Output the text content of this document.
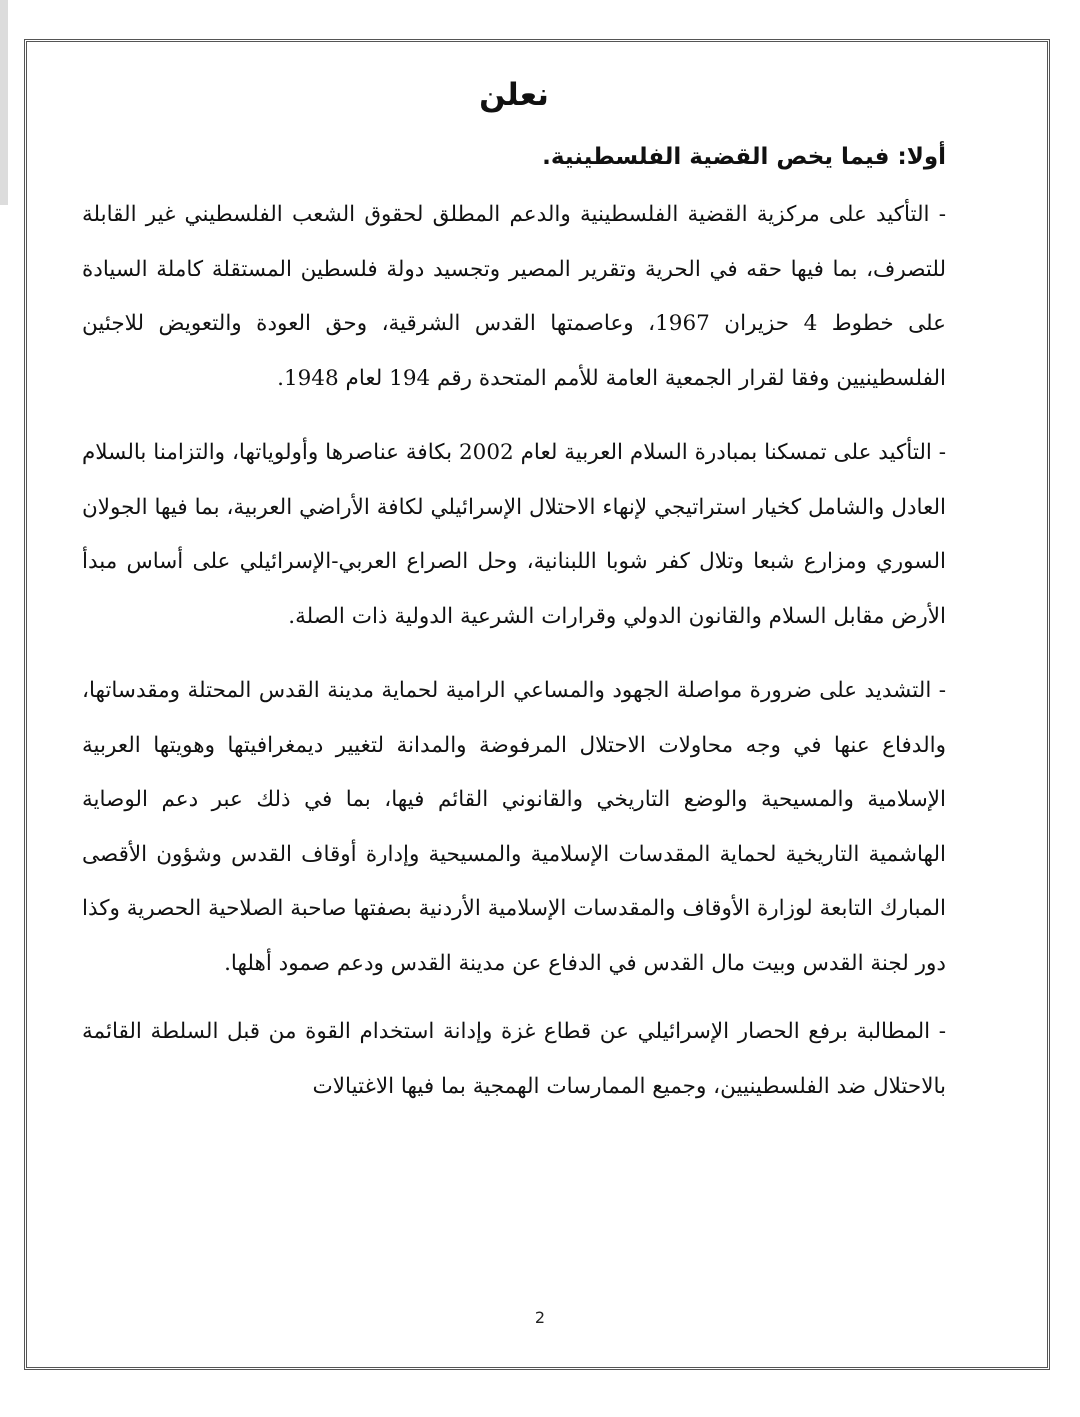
نعلن
أولا: فيما يخص القضية الفلسطينية.

- التأكيد على مركزية القضية الفلسطينية والدعم المطلق لحقوق الشعب الفلسطيني غير القابلة للتصرف، بما فيها حقه في الحرية وتقرير المصير وتجسيد دولة فلسطين المستقلة كاملة السيادة على خطوط 4 حزيران 1967، وعاصمتها القدس الشرقية، وحق العودة والتعويض للاجئين الفلسطينيين وفقا لقرار الجمعية العامة للأمم المتحدة رقم 194 لعام 1948.

- التأكيد على تمسكنا بمبادرة السلام العربية لعام 2002 بكافة عناصرها وأولوياتها، والتزامنا بالسلام العادل والشامل كخيار استراتيجي لإنهاء الاحتلال الإسرائيلي لكافة الأراضي العربية، بما فيها الجولان السوري ومزارع شبعا وتلال كفر شوبا اللبنانية، وحل الصراع العربي-الإسرائيلي على أساس مبدأ الأرض مقابل السلام والقانون الدولي وقرارات الشرعية الدولية ذات الصلة.

- التشديد على ضرورة مواصلة الجهود والمساعي الرامية لحماية مدينة القدس المحتلة ومقدساتها، والدفاع عنها في وجه محاولات الاحتلال المرفوضة والمدانة لتغيير ديمغرافيتها وهويتها العربية الإسلامية والمسيحية والوضع التاريخي والقانوني القائم فيها، بما في ذلك عبر دعم الوصاية الهاشمية التاريخية لحماية المقدسات الإسلامية والمسيحية وإدارة أوقاف القدس وشؤون الأقصى المبارك التابعة لوزارة الأوقاف والمقدسات الإسلامية الأردنية بصفتها صاحبة الصلاحية الحصرية وكذا دور لجنة القدس وبيت مال القدس في الدفاع عن مدينة القدس ودعم صمود أهلها.

- المطالبة برفع الحصار الإسرائيلي عن قطاع غزة وإدانة استخدام القوة من قبل السلطة القائمة بالاحتلال ضد الفلسطينيين، وجميع الممارسات الهمجية بما فيها الاغتيالات

2
